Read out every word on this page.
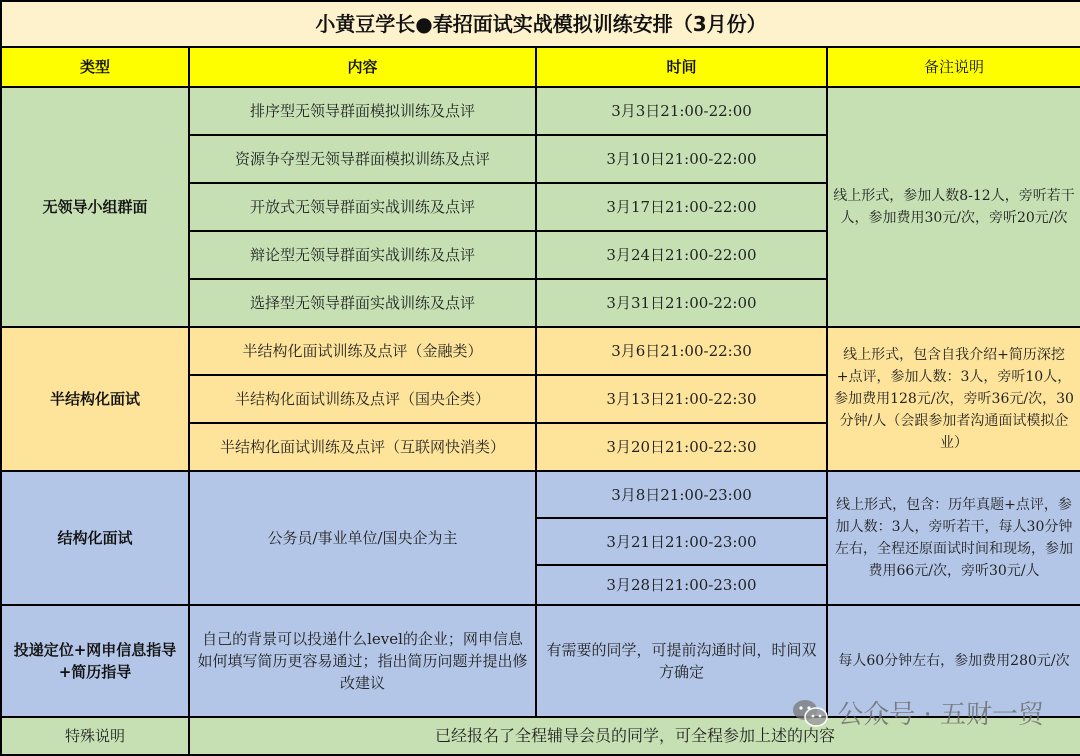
小黄豆学长●春招面试实战模拟训练安排（3月份）			
类型	内容	时间	备注说明
无领导小组群面	排序型无领导群面模拟训练及点评	3月3日21:00-22:00	线上形式，参加人数8-12人，旁听若干人，参加费用30元/次，旁听20元/次
	资源争夺型无领导群面模拟训练及点评	3月10日21:00-22:00	
	开放式无领导群面实战训练及点评	3月17日21:00-22:00	
	辩论型无领导群面实战训练及点评	3月24日21:00-22:00	
	选择型无领导群面实战训练及点评	3月31日21:00-22:00	
半结构化面试	半结构化面试训练及点评（金融类）	3月6日21:00-22:30	线上形式，包含自我介绍+简历深挖+点评，参加人数：3人，旁听10人，参加费用128元/次，旁听36元/次，30分钟/人（会跟参加者沟通面试模拟企业）
	半结构化面试训练及点评（国央企类）	3月13日21:00-22:30	
	半结构化面试训练及点评（互联网快消类）	3月20日21:00-22:30	
结构化面试	公务员/事业单位/国央企为主	3月8日21:00-23:00	线上形式，包含：历年真题+点评，参加人数：3人，旁听若干，每人30分钟左右，全程还原面试时间和现场，参加费用66元/次，旁听30元/人
		3月21日21:00-23:00	
		3月28日21:00-23:00	
投递定位+网申信息指导+简历指导	自己的背景可以投递什么level的企业；网申信息如何填写简历更容易通过；指出简历问题并提出修改建议	有需要的同学，可提前沟通时间，时间双方确定	每人60分钟左右，参加费用280元/次
特殊说明	已经报名了全程辅导会员的同学，可全程参加上述的内容		
公众号 · 五财一贸
